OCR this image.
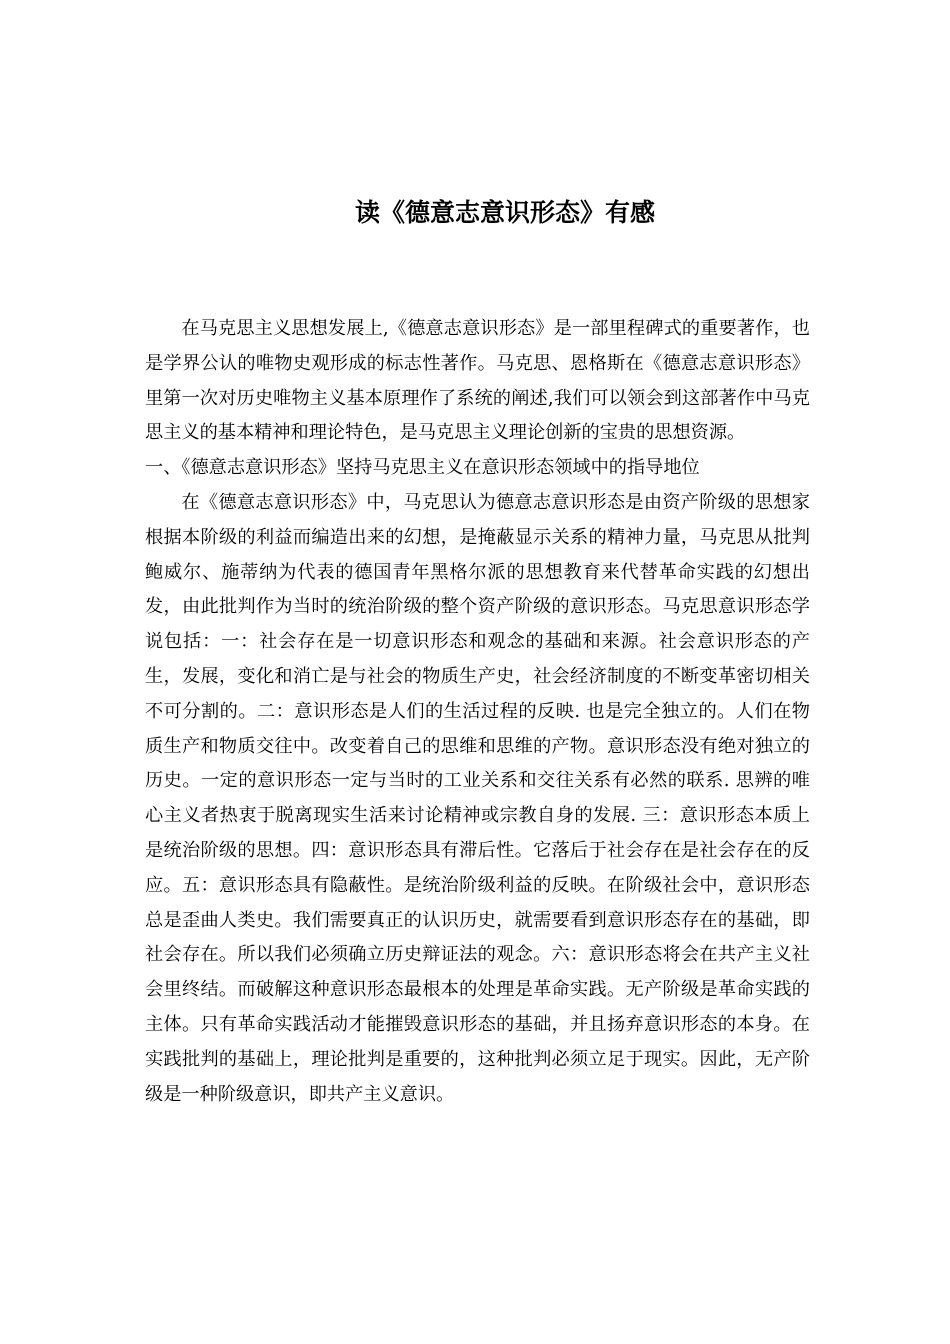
读《德意志意识形态》有感

在马克思主义思想发展上,《德意志意识形态》是一部里程碑式的重要著作，也是学界公认的唯物史观形成的标志性著作。马克思、恩格斯在《德意志意识形态》里第一次对历史唯物主义基本原理作了系统的阐述,我们可以领会到这部著作中马克思主义的基本精神和理论特色，是马克思主义理论创新的宝贵的思想资源。

一、《德意志意识形态》坚持马克思主义在意识形态领域中的指导地位

在《德意志意识形态》中，马克思认为德意志意识形态是由资产阶级的思想家根据本阶级的利益而编造出来的幻想，是掩蔽显示关系的精神力量，马克思从批判鲍威尔、施蒂纳为代表的德国青年黑格尔派的思想教育来代替革命实践的幻想出发，由此批判作为当时的统治阶级的整个资产阶级的意识形态。马克思意识形态学说包括：一：社会存在是一切意识形态和观念的基础和来源。社会意识形态的产生，发展，变化和消亡是与社会的物质生产史，社会经济制度的不断变革密切相关不可分割的。二：意识形态是人们的生活过程的反映. 也是完全独立的。人们在物质生产和物质交往中。改变着自己的思维和思维的产物。意识形态没有绝对独立的历史。一定的意识形态一定与当时的工业关系和交往关系有必然的联系. 思辨的唯心主义者热衷于脱离现实生活来讨论精神或宗教自身的发展. 三：意识形态本质上是统治阶级的思想。四：意识形态具有滞后性。它落后于社会存在是社会存在的反应。五：意识形态具有隐蔽性。是统治阶级利益的反映。在阶级社会中，意识形态总是歪曲人类史。我们需要真正的认识历史，就需要看到意识形态存在的基础，即社会存在。所以我们必须确立历史辩证法的观念。六：意识形态将会在共产主义社会里终结。而破解这种意识形态最根本的处理是革命实践。无产阶级是革命实践的主体。只有革命实践活动才能摧毁意识形态的基础，并且扬弃意识形态的本身。在实践批判的基础上，理论批判是重要的，这种批判必须立足于现实。因此，无产阶级是一种阶级意识，即共产主义意识。
